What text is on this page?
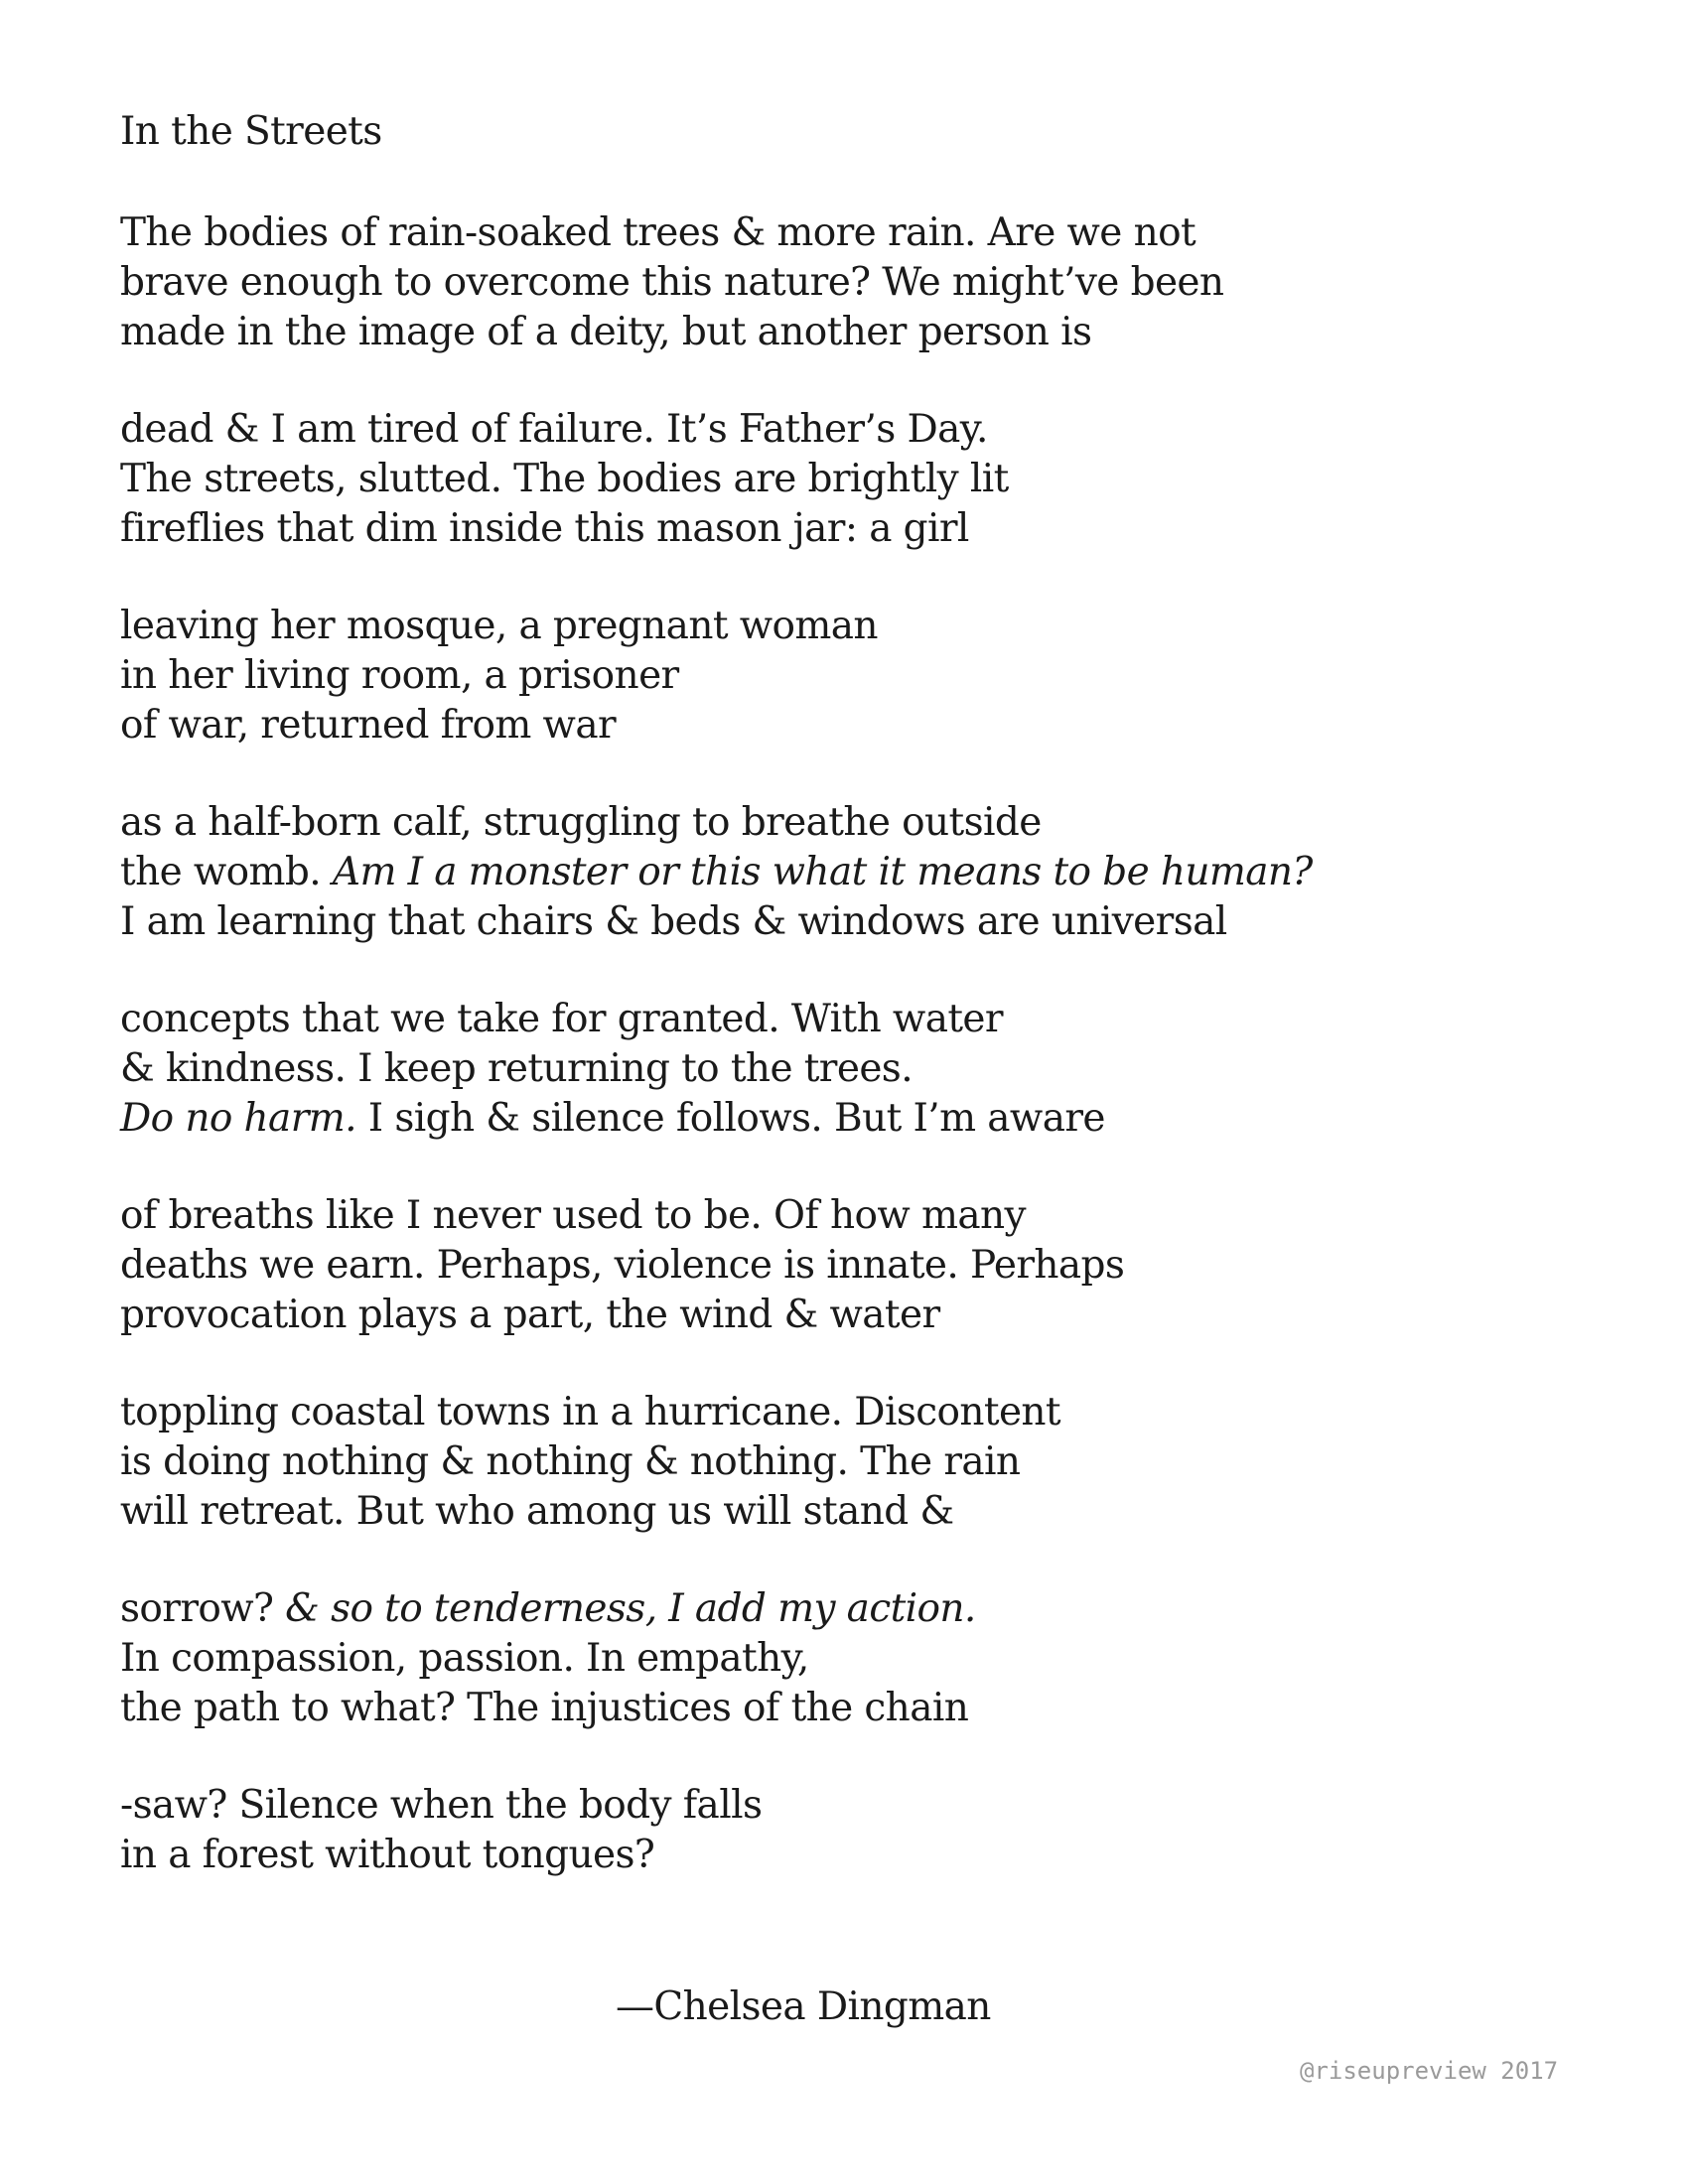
In the Streets
The bodies of rain-soaked trees & more rain. Are we not
brave enough to overcome this nature? We might’ve been
made in the image of a deity, but another person is
dead & I am tired of failure. It’s Father’s Day.
The streets, slutted. The bodies are brightly lit
fireflies that dim inside this mason jar: a girl
leaving her mosque, a pregnant woman
in her living room, a prisoner
of war, returned from war
as a half-born calf, struggling to breathe outside
the womb. Am I a monster or this what it means to be human?
I am learning that chairs & beds & windows are universal
concepts that we take for granted. With water
& kindness. I keep returning to the trees.
Do no harm. I sigh & silence follows. But I’m aware
of breaths like I never used to be. Of how many
deaths we earn. Perhaps, violence is innate. Perhaps
provocation plays a part, the wind & water
toppling coastal towns in a hurricane. Discontent
is doing nothing & nothing & nothing. The rain
will retreat. But who among us will stand &
sorrow? & so to tenderness, I add my action.
In compassion, passion. In empathy,
the path to what? The injustices of the chain
-saw? Silence when the body falls
in a forest without tongues?
—Chelsea Dingman
@riseupreview 2017
